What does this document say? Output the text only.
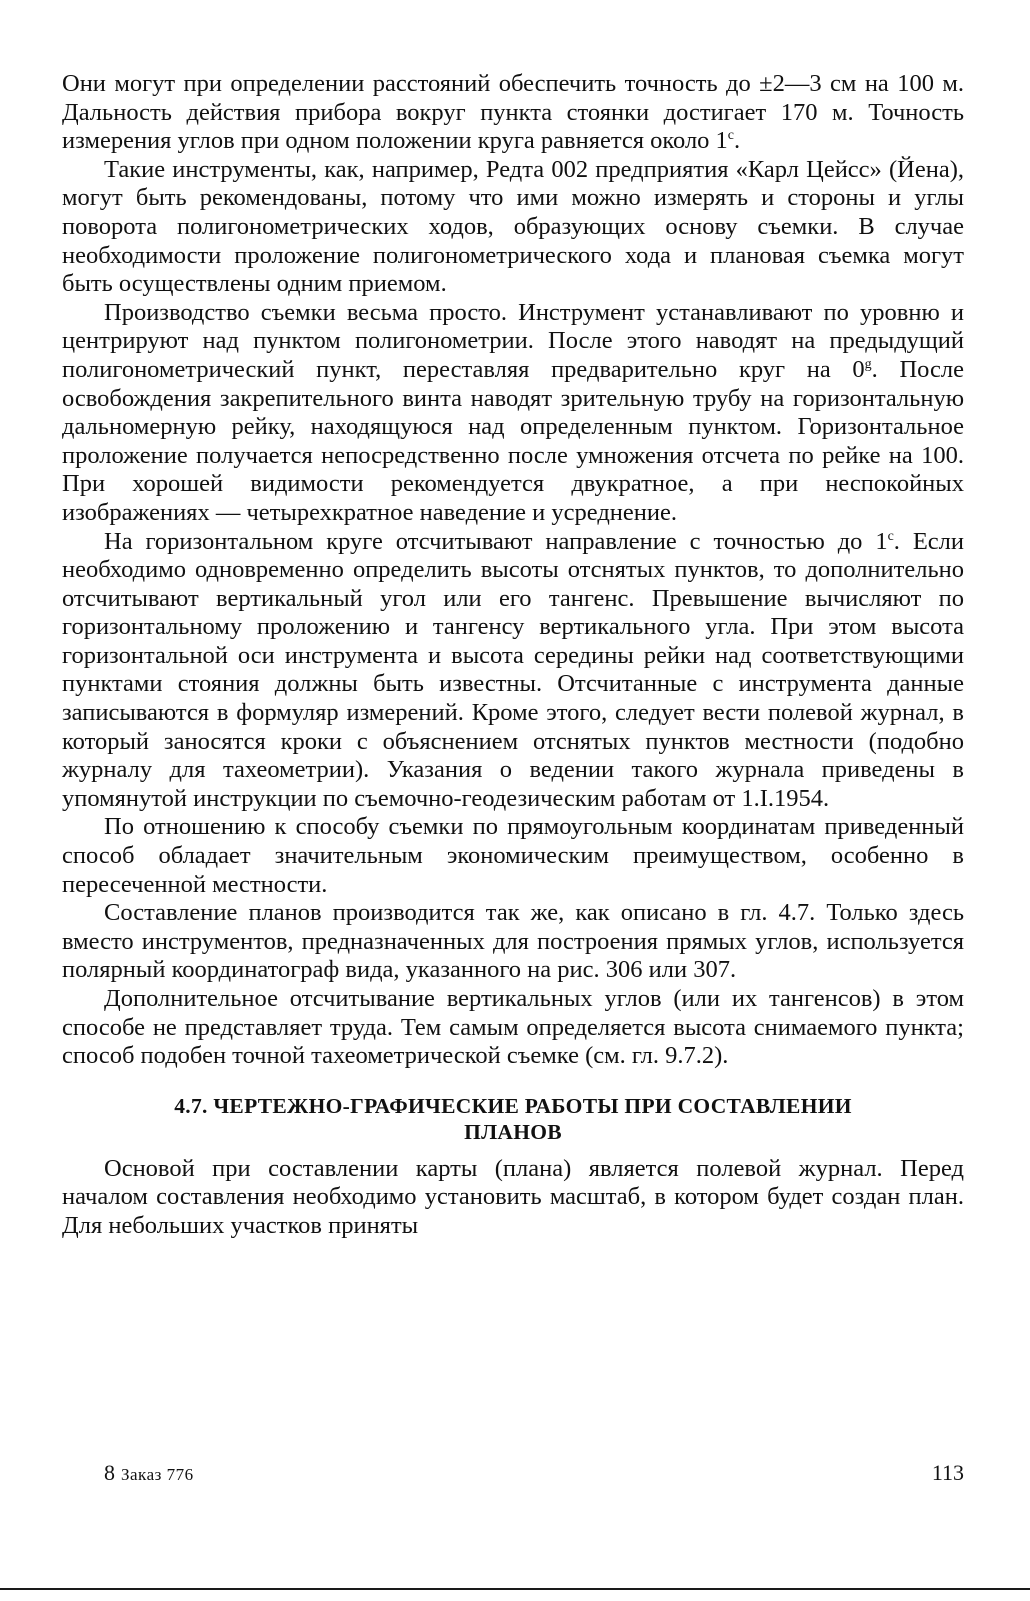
Они могут при определении расстояний обеспечить точность до ±2—3 см на 100 м. Дальность действия прибора вокруг пункта стоянки достигает 170 м. Точность измерения углов при одном положении круга равняется около 1$^c$.

Такие инструменты, как, например, Редта 002 предприятия «Карл Цейсс» (Йена), могут быть рекомендованы, потому что ими можно измерять и стороны и углы поворота полигонометрических ходов, образующих основу съемки. В случае необходимости проложение полигонометрического хода и плановая съемка могут быть осуществлены одним приемом.

Производство съемки весьма просто. Инструмент устанавливают по уровню и центрируют над пунктом полигонометрии. После этого наводят на предыдущий полигонометрический пункт, переставляя предварительно круг на 0$^g$. После освобождения закрепительного винта наводят зрительную трубу на горизонтальную дальномерную рейку, находящуюся над определенным пунктом. Горизонтальное проложение получается непосредственно после умножения отсчета по рейке на 100. При хорошей видимости рекомендуется двукратное, а при неспокойных изображениях — четырехкратное наведение и усреднение.

На горизонтальном круге отсчитывают направление с точностью до 1$^c$. Если необходимо одновременно определить высоты отснятых пунктов, то дополнительно отсчитывают вертикальный угол или его тангенс. Превышение вычисляют по горизонтальному проложению и тангенсу вертикального угла. При этом высота горизонтальной оси инструмента и высота середины рейки над соответствующими пунктами стояния должны быть известны. Отсчитанные с инструмента данные записываются в формуляр измерений. Кроме этого, следует вести полевой журнал, в который заносятся кроки с объяснением отснятых пунктов местности (подобно журналу для тахеометрии). Указания о ведении такого журнала приведены в упомянутой инструкции по съемочно-геодезическим работам от 1.I.1954.

По отношению к способу съемки по прямоугольным координатам приведенный способ обладает значительным экономическим преимуществом, особенно в пересеченной местности.

Составление планов производится так же, как описано в гл. 4.7. Только здесь вместо инструментов, предназначенных для построения прямых углов, используется полярный координатограф вида, указанного на рис. 306 или 307.

Дополнительное отсчитывание вертикальных углов (или их тангенсов) в этом способе не представляет труда. Тем самым определяется высота снимаемого пункта; способ подобен точной тахеометрической съемке (см. гл. 9.7.2).

4.7. ЧЕРТЕЖНО-ГРАФИЧЕСКИЕ РАБОТЫ ПРИ СОСТАВЛЕНИИ
ПЛАНОВ

Основой при составлении карты (плана) является полевой журнал. Перед началом составления необходимо установить масштаб, в котором будет создан план. Для небольших участков приняты

8 Заказ 776	113
